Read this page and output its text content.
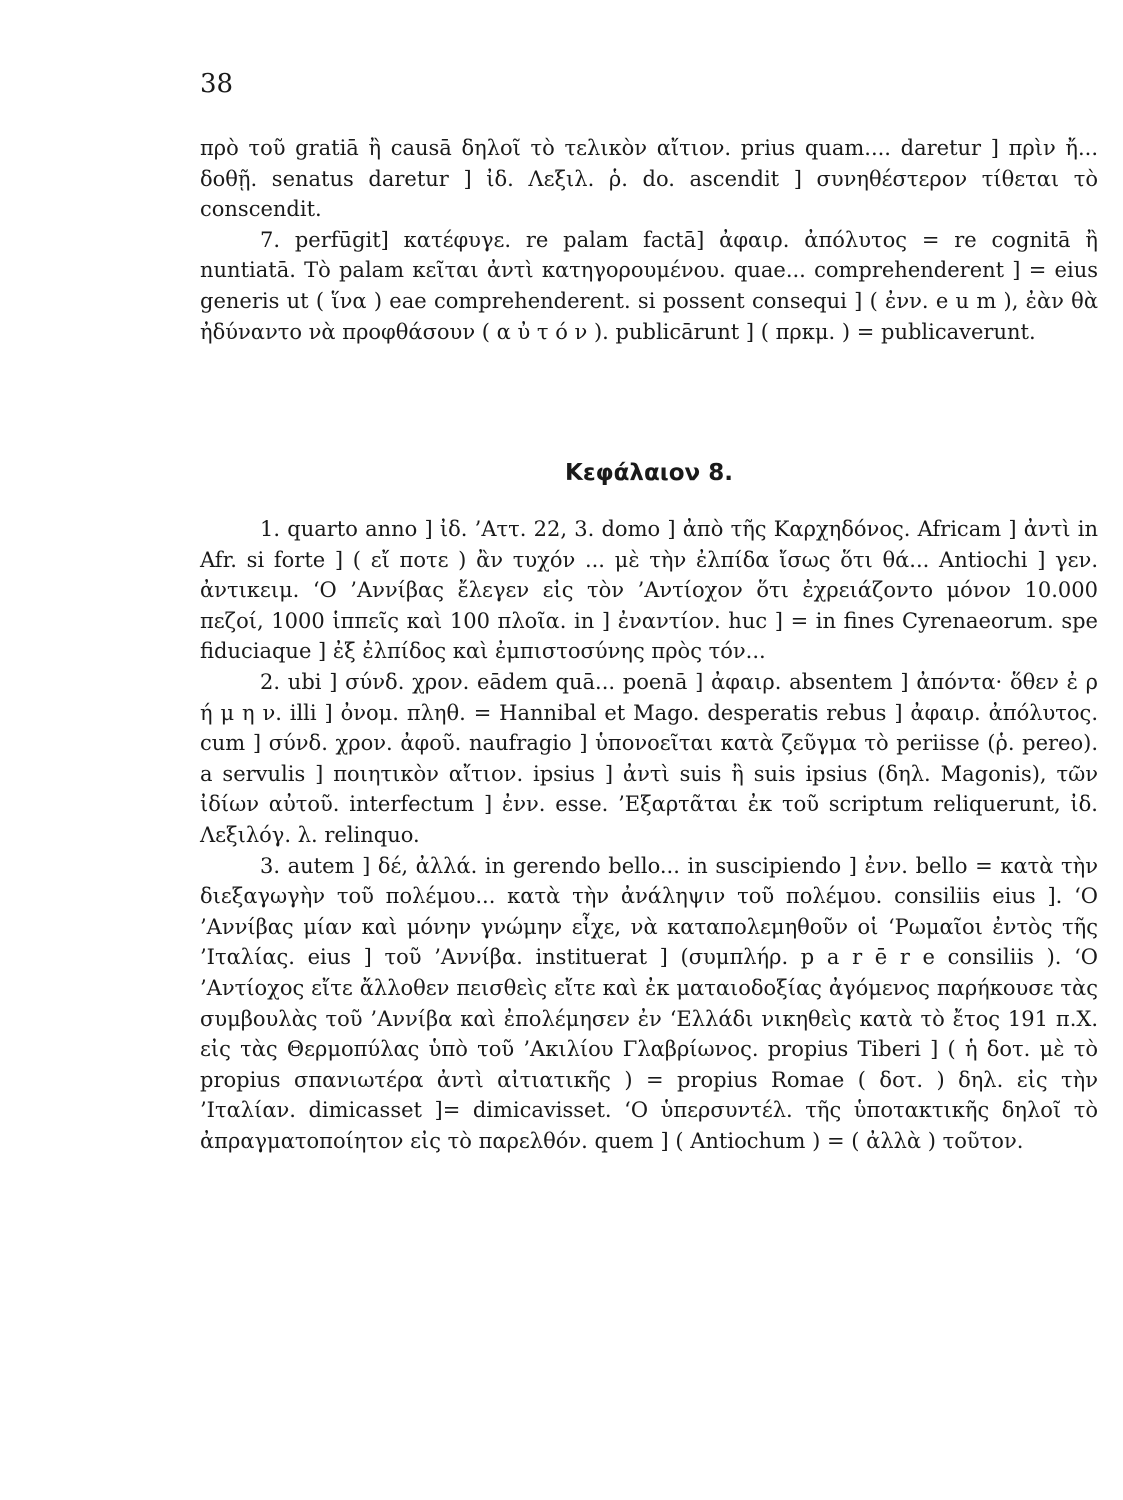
38

πρὸ τοῦ gratiā ἢ causā δηλοῖ τὸ τελικὸν αἴτιον. prius quam.... daretur ] πρὶν ἤ... δοθῇ. senatus daretur ] ἰδ. Λεξιλ. ῥ. do. ascendit ] συνηθέστερον τίθεται τὸ conscendit.

7. perfūgit] κατέφυγε. re palam factā] ἀφαιρ. ἀπόλυτος = re cognitā ἢ nuntiatā. Τὸ palam κεῖται ἀντὶ κατηγορουμένου. quae... comprehenderent ] = eius generis ut ( ἵνα ) eae comprehenderent. si possent consequi ] ( ἐνν. e u m ), ἐὰν θὰ ἠδύναντο νὰ προφθάσουν ( α ὐ τ ό ν ). publicārunt ] ( πρκμ. ) = publicaverunt.

Κεφάλαιον 8.

1. quarto anno ] ἰδ. ’Αττ. 22, 3. domo ] ἀπὸ τῆς Καρχηδόνος. Africam ] ἀντὶ in Afr. si forte ] ( εἴ ποτε ) ἂν τυχόν ... μὲ τὴν ἐλπίδα ἴσως ὅτι θά... Antiochi ] γεν. ἀντικειμ. ‘Ο ’Αννίβας ἔλεγεν εἰς τὸν ’Αντίοχον ὅτι ἐχρειάζοντο μόνον 10.000 πεζοί, 1000 ἱππεῖς καὶ 100 πλοῖα. in ] ἐναντίον. huc ] = in fines Cyrenaeorum. spe fiduciaque ] ἐξ ἐλπίδος καὶ ἐμπιστοσύνης πρὸς τόν...

2. ubi ] σύνδ. χρον. eādem quā... poenā ] ἀφαιρ. absentem ] ἀπόντα· ὅθεν ἐ ρ ή μ η ν. illi ] ὀνομ. πληθ. = Hannibal et Mago. desperatis rebus ] ἀφαιρ. ἀπόλυτος. cum ] σύνδ. χρον. ἀφοῦ. naufragio ] ὑπονοεῖται κατὰ ζεῦγμα τὸ periisse (ῥ. pereo). a servulis ] ποιητικὸν αἴτιον. ipsius ] ἀντὶ suis ἢ suis ipsius (δηλ. Magonis), τῶν ἰδίων αὐτοῦ. interfectum ] ἐνν. esse. ’Εξαρτᾶται ἐκ τοῦ scriptum reliquerunt, ἰδ. Λεξιλόγ. λ. relinquo.

3. autem ] δέ, ἀλλά. in gerendo bello... in suscipiendo ] ἐνν. bello = κατὰ τὴν διεξαγωγὴν τοῦ πολέμου... κατὰ τὴν ἀνάληψιν τοῦ πολέμου. consiliis eius ]. ‘Ο ’Αννίβας μίαν καὶ μόνην γνώμην εἶχε, νὰ καταπολεμηθοῦν οἱ ‘Ρωμαῖοι ἐντὸς τῆς ’Ιταλίας. eius ] τοῦ ’Αννίβα. instituerat ] (συμπλήρ. p a r ē r e consiliis ). ‘Ο ’Αντίοχος εἴτε ἄλλοθεν πεισθεὶς εἴτε καὶ ἐκ ματαιοδοξίας ἀγόμενος παρήκουσε τὰς συμβουλὰς τοῦ ’Αννίβα καὶ ἐπολέμησεν ἐν ‘Ελλάδι νικηθεὶς κατὰ τὸ ἔτος 191 π.Χ. εἰς τὰς Θερμοπύλας ὑπὸ τοῦ ’Ακιλίου Γλαβρίωνος. propius Tiberi ] ( ἡ δοτ. μὲ τὸ propius σπανιωτέρα ἀντὶ αἰτιατικῆς ) = propius Romae ( δοτ. ) δηλ. εἰς τὴν ’Ιταλίαν. dimicasset ]= dimicavisset. ‘Ο ὑπερσυντέλ. τῆς ὑποτακτικῆς δηλοῖ τὸ ἀπραγματοποίητον εἰς τὸ παρελθόν. quem ] ( Antiochum ) = ( ἀλλὰ ) τοῦτον.
